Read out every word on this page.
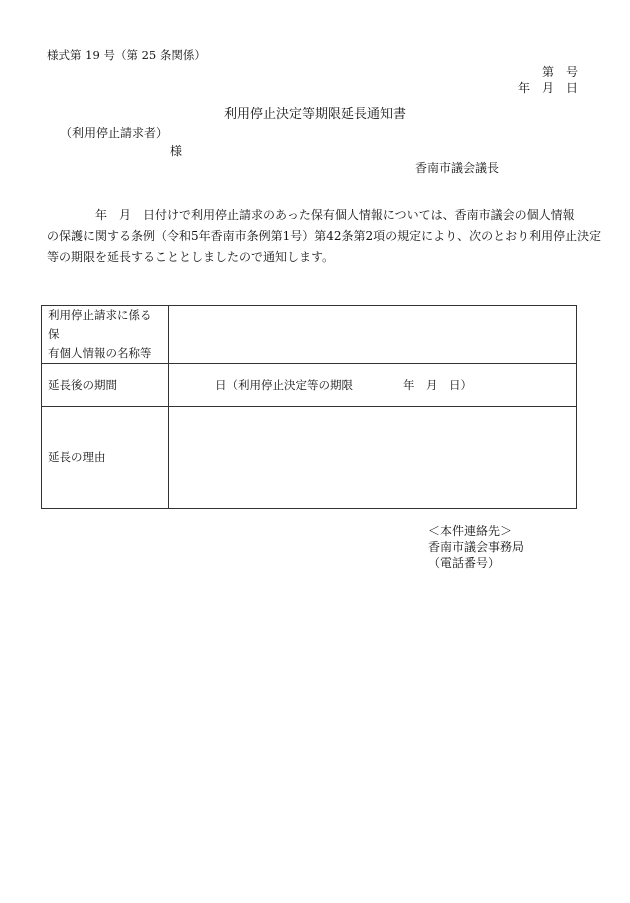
様式第 19 号（第 25 条関係）
第　号
年　月　日
利用停止決定等期限延長通知書
（利用停止請求者）
様
香南市議会議長
年　月　日付けで利用停止請求のあった保有個人情報については、香南市議会の個人情報
の保護に関する条例（令和5年香南市条例第1号）第42条第2項の規定により、次のとおり利用停止決定
等の期限を延長することとしましたので通知します。
利用停止請求に係る保
有個人情報の名称等	

延長後の期間	日（利用停止決定等の期限 年　月　日）
延長の理由	
＜本件連絡先＞
香南市議会事務局
（電話番号）
